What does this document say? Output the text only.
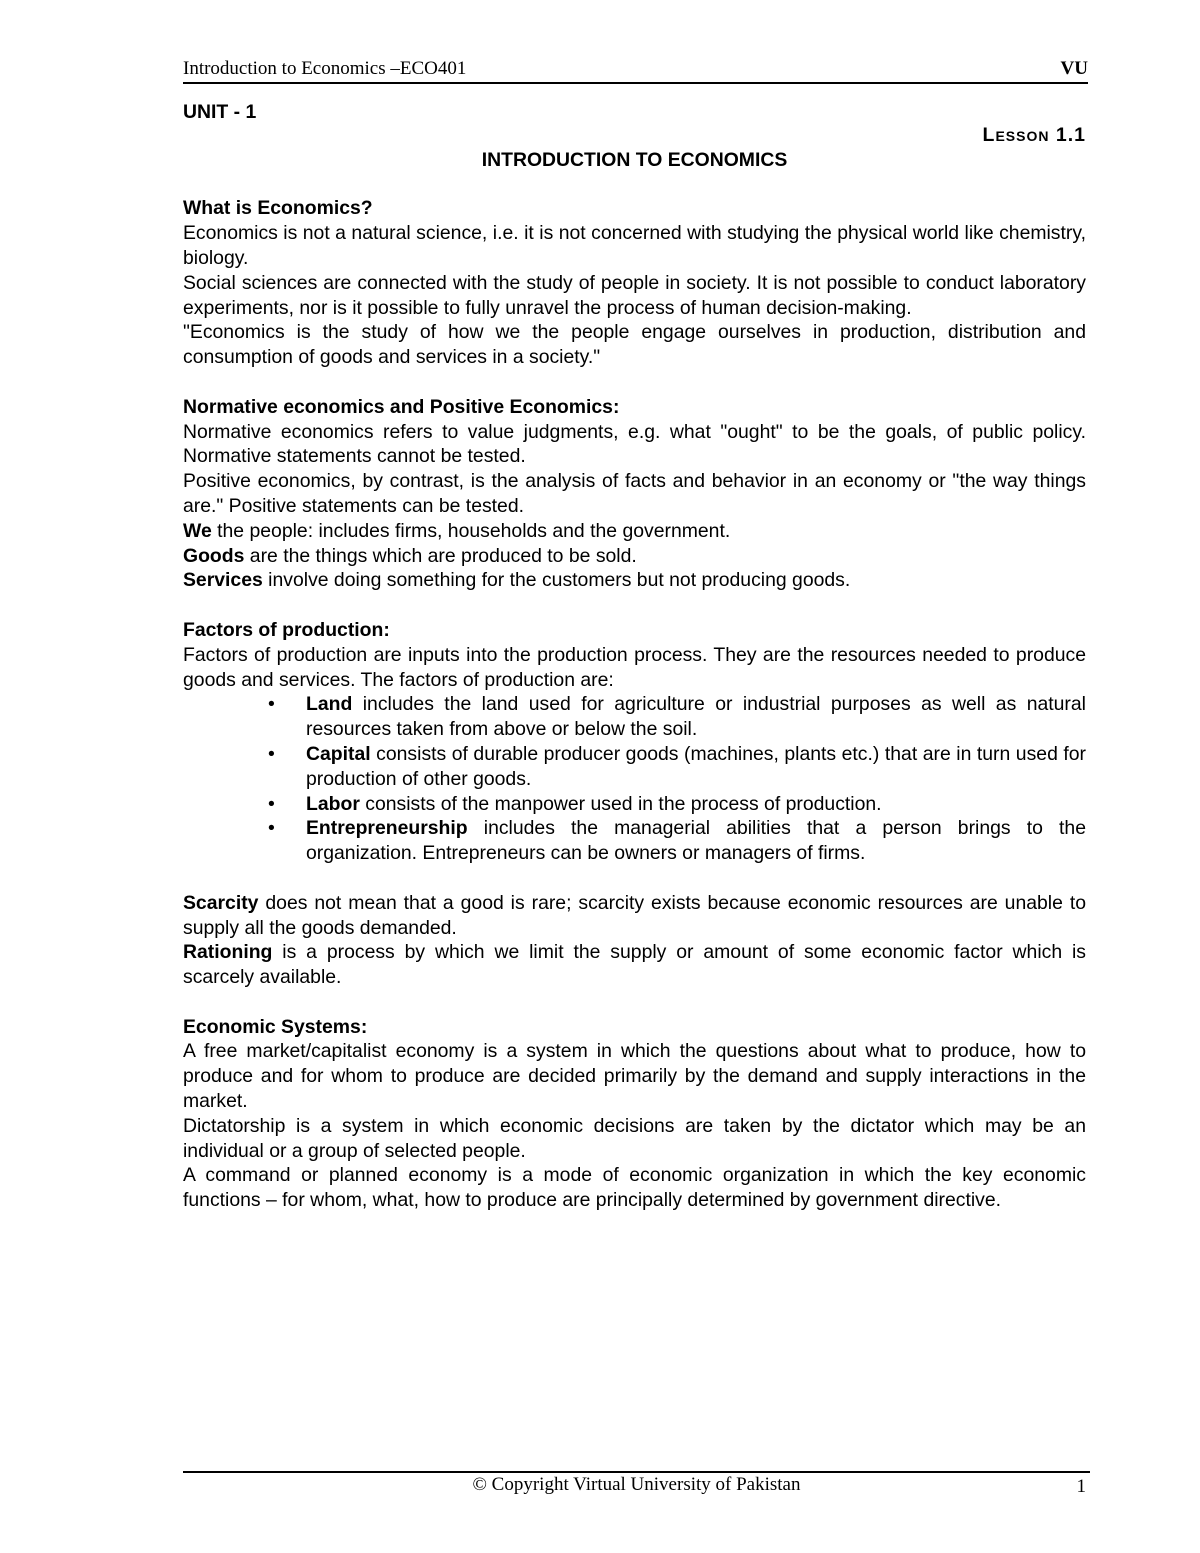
Introduction to Economics –ECO401	VU
UNIT - 1
Lesson 1.1
INTRODUCTION TO ECONOMICS
What is Economics?

Economics is not a natural science, i.e. it is not concerned with studying the physical world like chemistry, biology.

Social sciences are connected with the study of people in society. It is not possible to conduct laboratory experiments, nor is it possible to fully unravel the process of human decision-making.

"Economics is the study of how we the people engage ourselves in production, distribution and consumption of goods and services in a society."

Normative economics and Positive Economics:

Normative economics refers to value judgments, e.g. what "ought" to be the goals, of public policy. Normative statements cannot be tested.

Positive economics, by contrast, is the analysis of facts and behavior in an economy or "the way things are." Positive statements can be tested.

We the people: includes firms, households and the government.

Goods are the things which are produced to be sold.

Services involve doing something for the customers but not producing goods.

Factors of production:

Factors of production are inputs into the production process. They are the resources needed to produce goods and services. The factors of production are:

• Land includes the land used for agriculture or industrial purposes as well as natural resources taken from above or below the soil.
• Capital consists of durable producer goods (machines, plants etc.) that are in turn used for production of other goods.
• Labor consists of the manpower used in the process of production.
• Entrepreneurship includes the managerial abilities that a person brings to the organization. Entrepreneurs can be owners or managers of firms.

Scarcity does not mean that a good is rare; scarcity exists because economic resources are unable to supply all the goods demanded.

Rationing is a process by which we limit the supply or amount of some economic factor which is scarcely available.

Economic Systems:

A free market/capitalist economy is a system in which the questions about what to produce, how to produce and for whom to produce are decided primarily by the demand and supply interactions in the market.

Dictatorship is a system in which economic decisions are taken by the dictator which may be an individual or a group of selected people.

A command or planned economy is a mode of economic organization in which the key economic functions – for whom, what, how to produce are principally determined by government directive.

© Copyright Virtual University of Pakistan	1
